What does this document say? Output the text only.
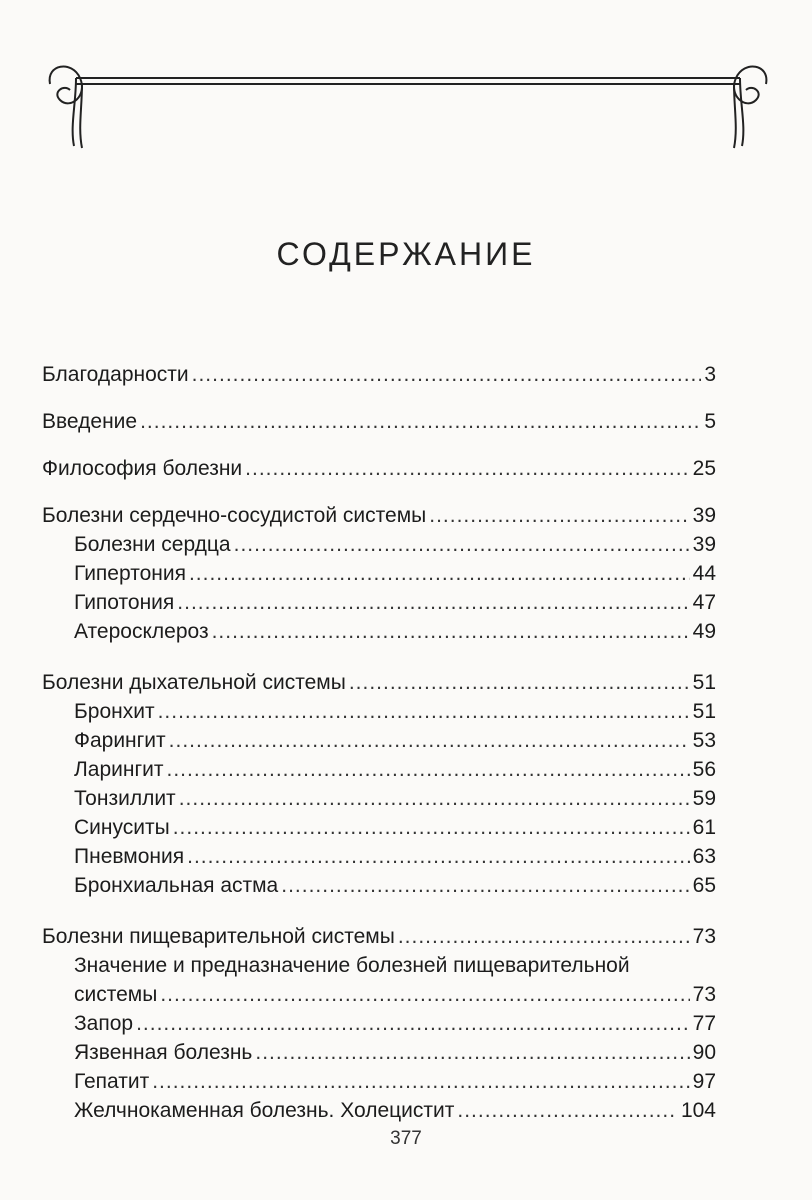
СОДЕРЖАНИЕ
Благодарности .....	3
Введение .....	5
Философия болезни .....	25
Болезни сердечно-сосудистой системы .....	39
Болезни сердца .....	39
Гипертония .....	44
Гипотония .....	47
Атеросклероз .....	49
Болезни дыхательной системы .....	51
Бронхит .....	51
Фарингит .....	53
Ларингит .....	56
Тонзиллит .....	59
Синуситы .....	61
Пневмония .....	63
Бронхиальная астма .....	65
Болезни пищеварительной системы .....	73
Значение и предназначение болезней пищеварительной
системы .....	73
Запор .....	77
Язвенная болезнь .....	90
Гепатит .....	97
Желчнокаменная болезнь. Холецистит .....	104
377
